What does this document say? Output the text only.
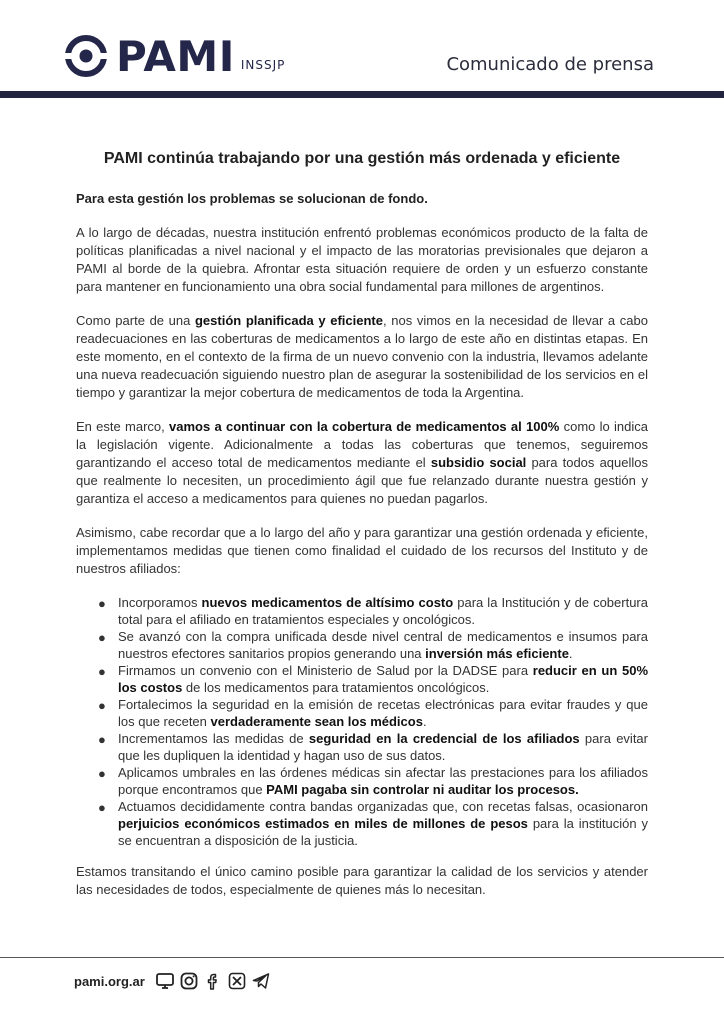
PAMI INSSJP	Comunicado de prensa
PAMI continúa trabajando por una gestión más ordenada y eficiente

Para esta gestión los problemas se solucionan de fondo.

A lo largo de décadas, nuestra institución enfrentó problemas económicos producto de la falta de políticas planificadas a nivel nacional y el impacto de las moratorias previsionales que dejaron a PAMI al borde de la quiebra. Afrontar esta situación requiere de orden y un esfuerzo constante para mantener en funcionamiento una obra social fundamental para millones de argentinos.

Como parte de una gestión planificada y eficiente, nos vimos en la necesidad de llevar a cabo readecuaciones en las coberturas de medicamentos a lo largo de este año en distintas etapas. En este momento, en el contexto de la firma de un nuevo convenio con la industria, llevamos adelante una nueva readecuación siguiendo nuestro plan de asegurar la sostenibilidad de los servicios en el tiempo y garantizar la mejor cobertura de medicamentos de toda la Argentina.

En este marco, vamos a continuar con la cobertura de medicamentos al 100% como lo indica la legislación vigente. Adicionalmente a todas las coberturas que tenemos, seguiremos garantizando el acceso total de medicamentos mediante el subsidio social para todos aquellos que realmente lo necesiten, un procedimiento ágil que fue relanzado durante nuestra gestión y garantiza el acceso a medicamentos para quienes no puedan pagarlos.

Asimismo, cabe recordar que a lo largo del año y para garantizar una gestión ordenada y eficiente, implementamos medidas que tienen como finalidad el cuidado de los recursos del Instituto y de nuestros afiliados:

● Incorporamos nuevos medicamentos de altísimo costo para la Institución y de cobertura total para el afiliado en tratamientos especiales y oncológicos.
● Se avanzó con la compra unificada desde nivel central de medicamentos e insumos para nuestros efectores sanitarios propios generando una inversión más eficiente.
● Firmamos un convenio con el Ministerio de Salud por la DADSE para reducir en un 50% los costos de los medicamentos para tratamientos oncológicos.
● Fortalecimos la seguridad en la emisión de recetas electrónicas para evitar fraudes y que los que receten verdaderamente sean los médicos.
● Incrementamos las medidas de seguridad en la credencial de los afiliados para evitar que les dupliquen la identidad y hagan uso de sus datos.
● Aplicamos umbrales en las órdenes médicas sin afectar las prestaciones para los afiliados porque encontramos que PAMI pagaba sin controlar ni auditar los procesos.
● Actuamos decididamente contra bandas organizadas que, con recetas falsas, ocasionaron perjuicios económicos estimados en miles de millones de pesos para la institución y se encuentran a disposición de la justicia.

Estamos transitando el único camino posible para garantizar la calidad de los servicios y atender las necesidades de todos, especialmente de quienes más lo necesitan.

pami.org.ar
